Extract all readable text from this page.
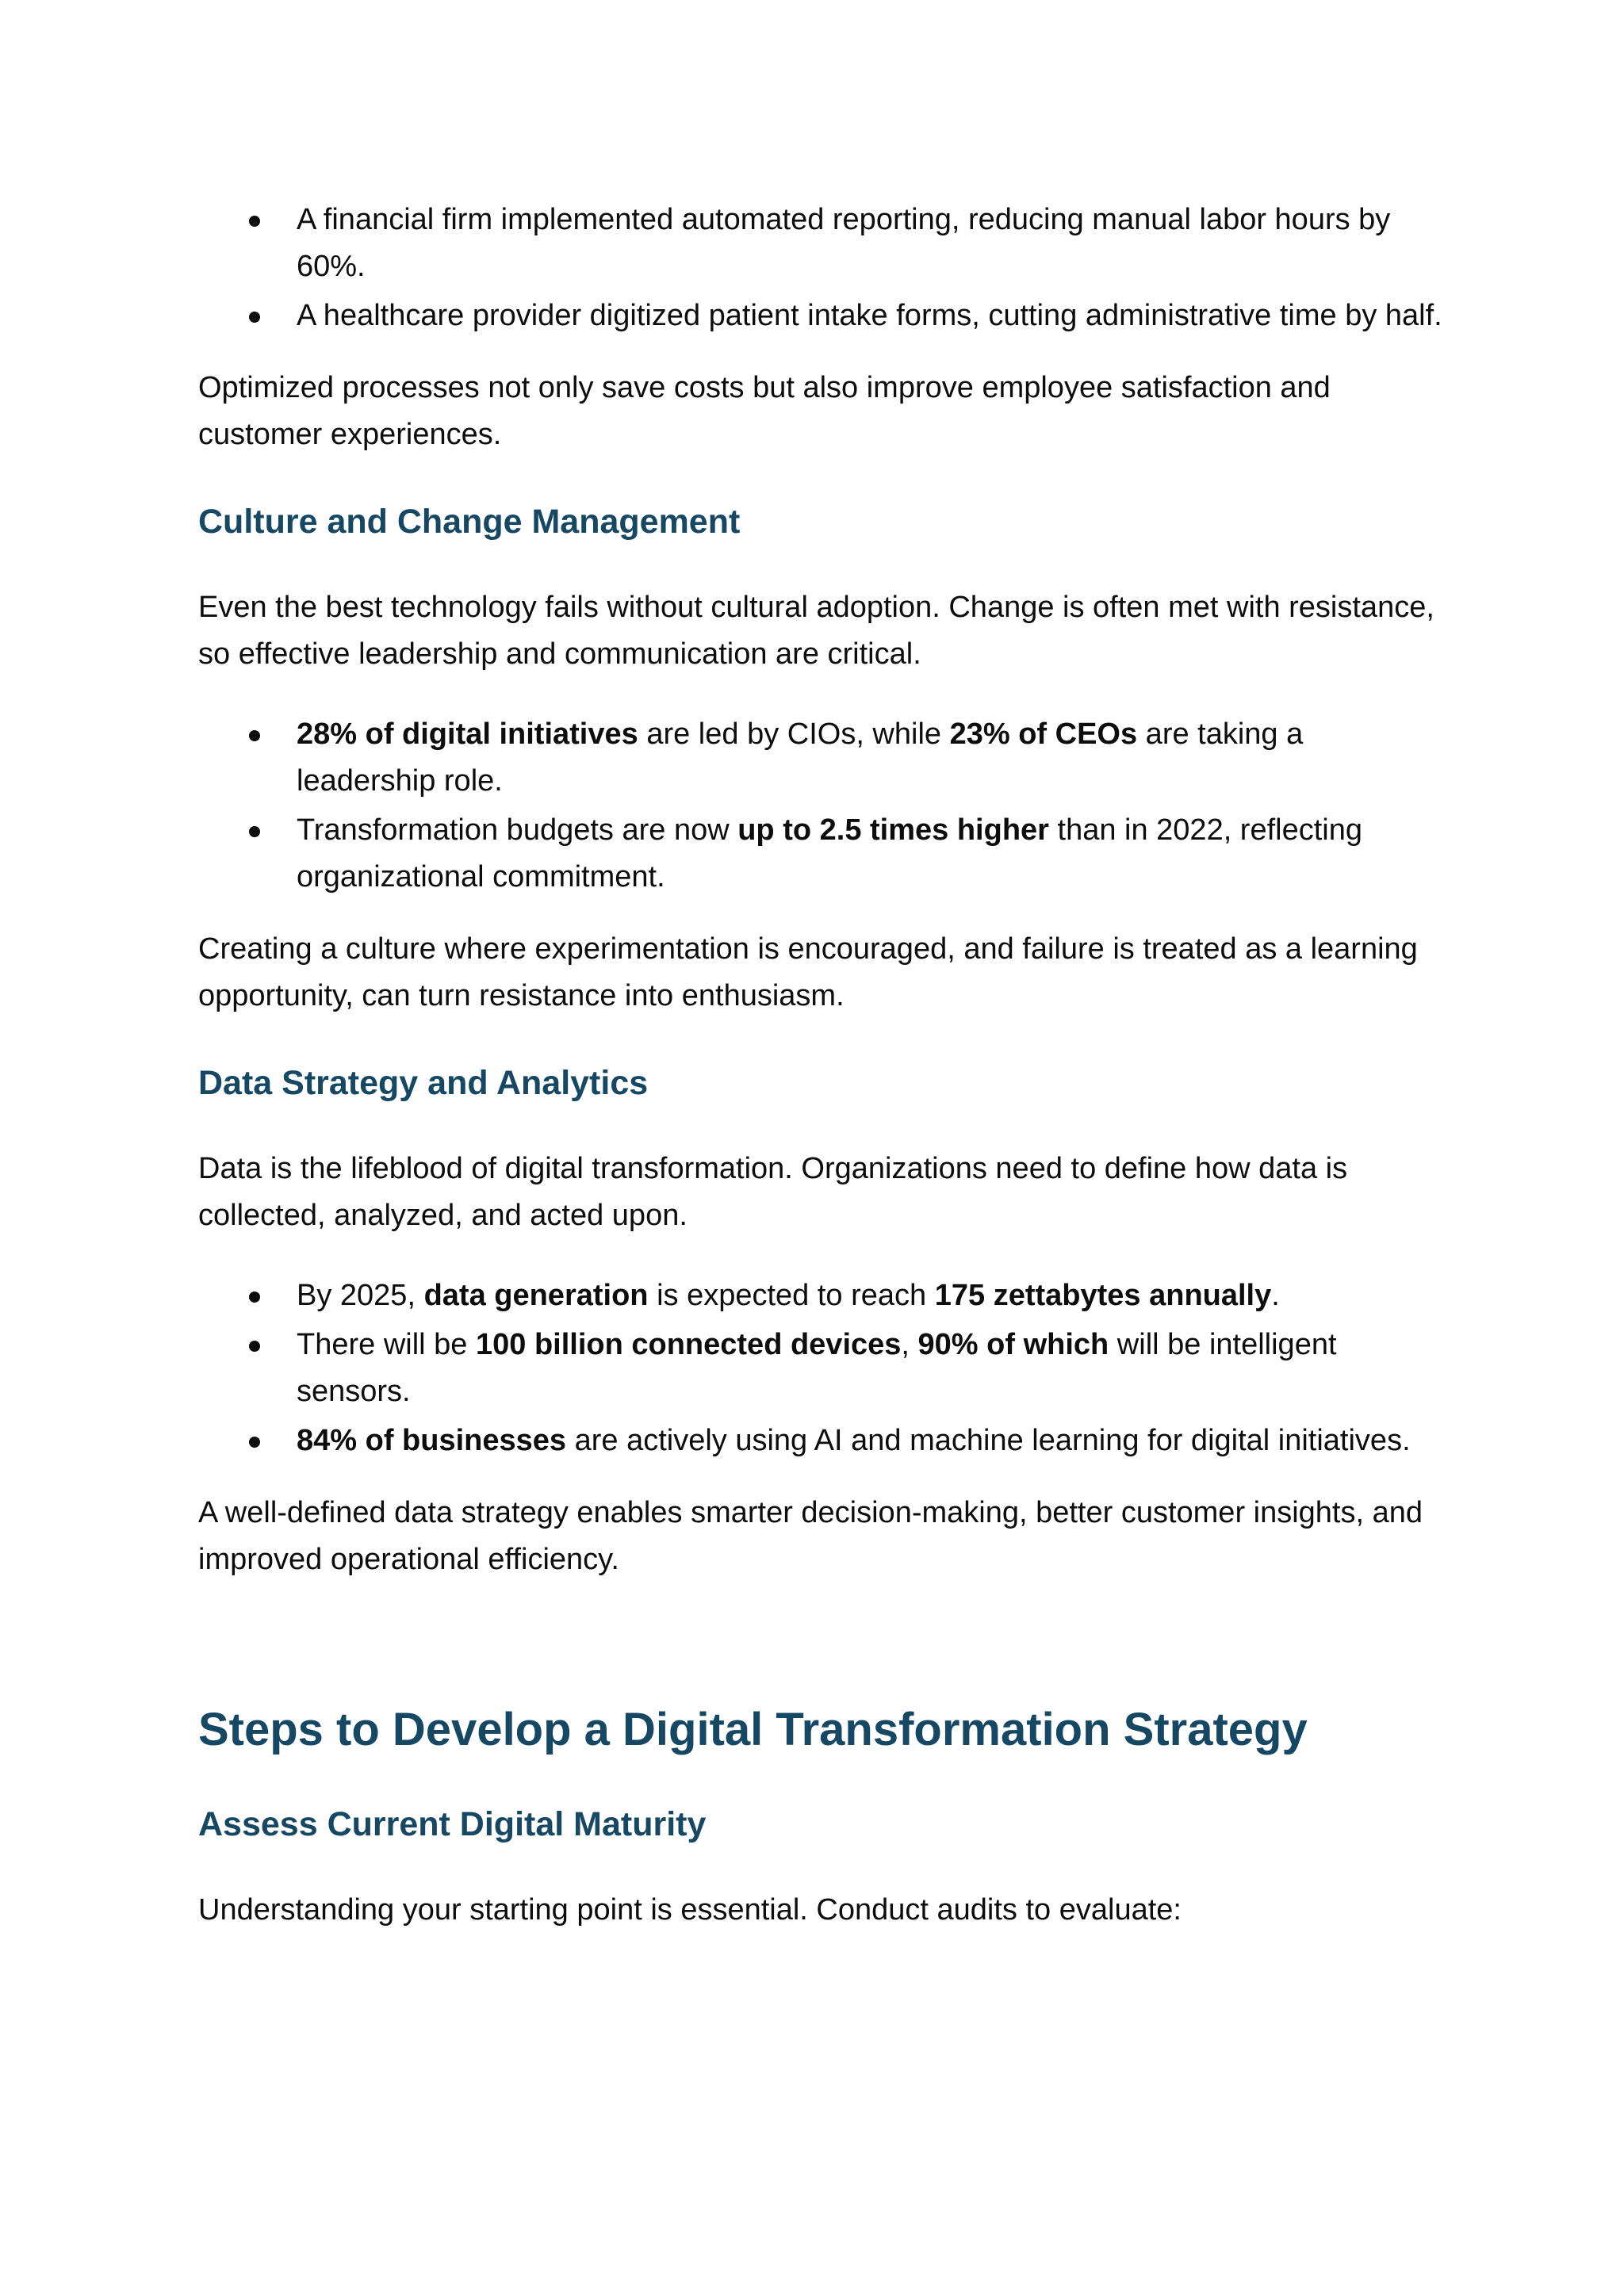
A financial firm implemented automated reporting, reducing manual labor hours by 60%.
A healthcare provider digitized patient intake forms, cutting administrative time by half.

Optimized processes not only save costs but also improve employee satisfaction and customer experiences.

Culture and Change Management

Even the best technology fails without cultural adoption. Change is often met with resistance, so effective leadership and communication are critical.

28% of digital initiatives are led by CIOs, while 23% of CEOs are taking a leadership role.
Transformation budgets are now up to 2.5 times higher than in 2022, reflecting organizational commitment.

Creating a culture where experimentation is encouraged, and failure is treated as a learning opportunity, can turn resistance into enthusiasm.

Data Strategy and Analytics

Data is the lifeblood of digital transformation. Organizations need to define how data is collected, analyzed, and acted upon.

By 2025, data generation is expected to reach 175 zettabytes annually.
There will be 100 billion connected devices, 90% of which will be intelligent sensors.
84% of businesses are actively using AI and machine learning for digital initiatives.

A well-defined data strategy enables smarter decision-making, better customer insights, and improved operational efficiency.

Steps to Develop a Digital Transformation Strategy
Assess Current Digital Maturity

Understanding your starting point is essential. Conduct audits to evaluate:
